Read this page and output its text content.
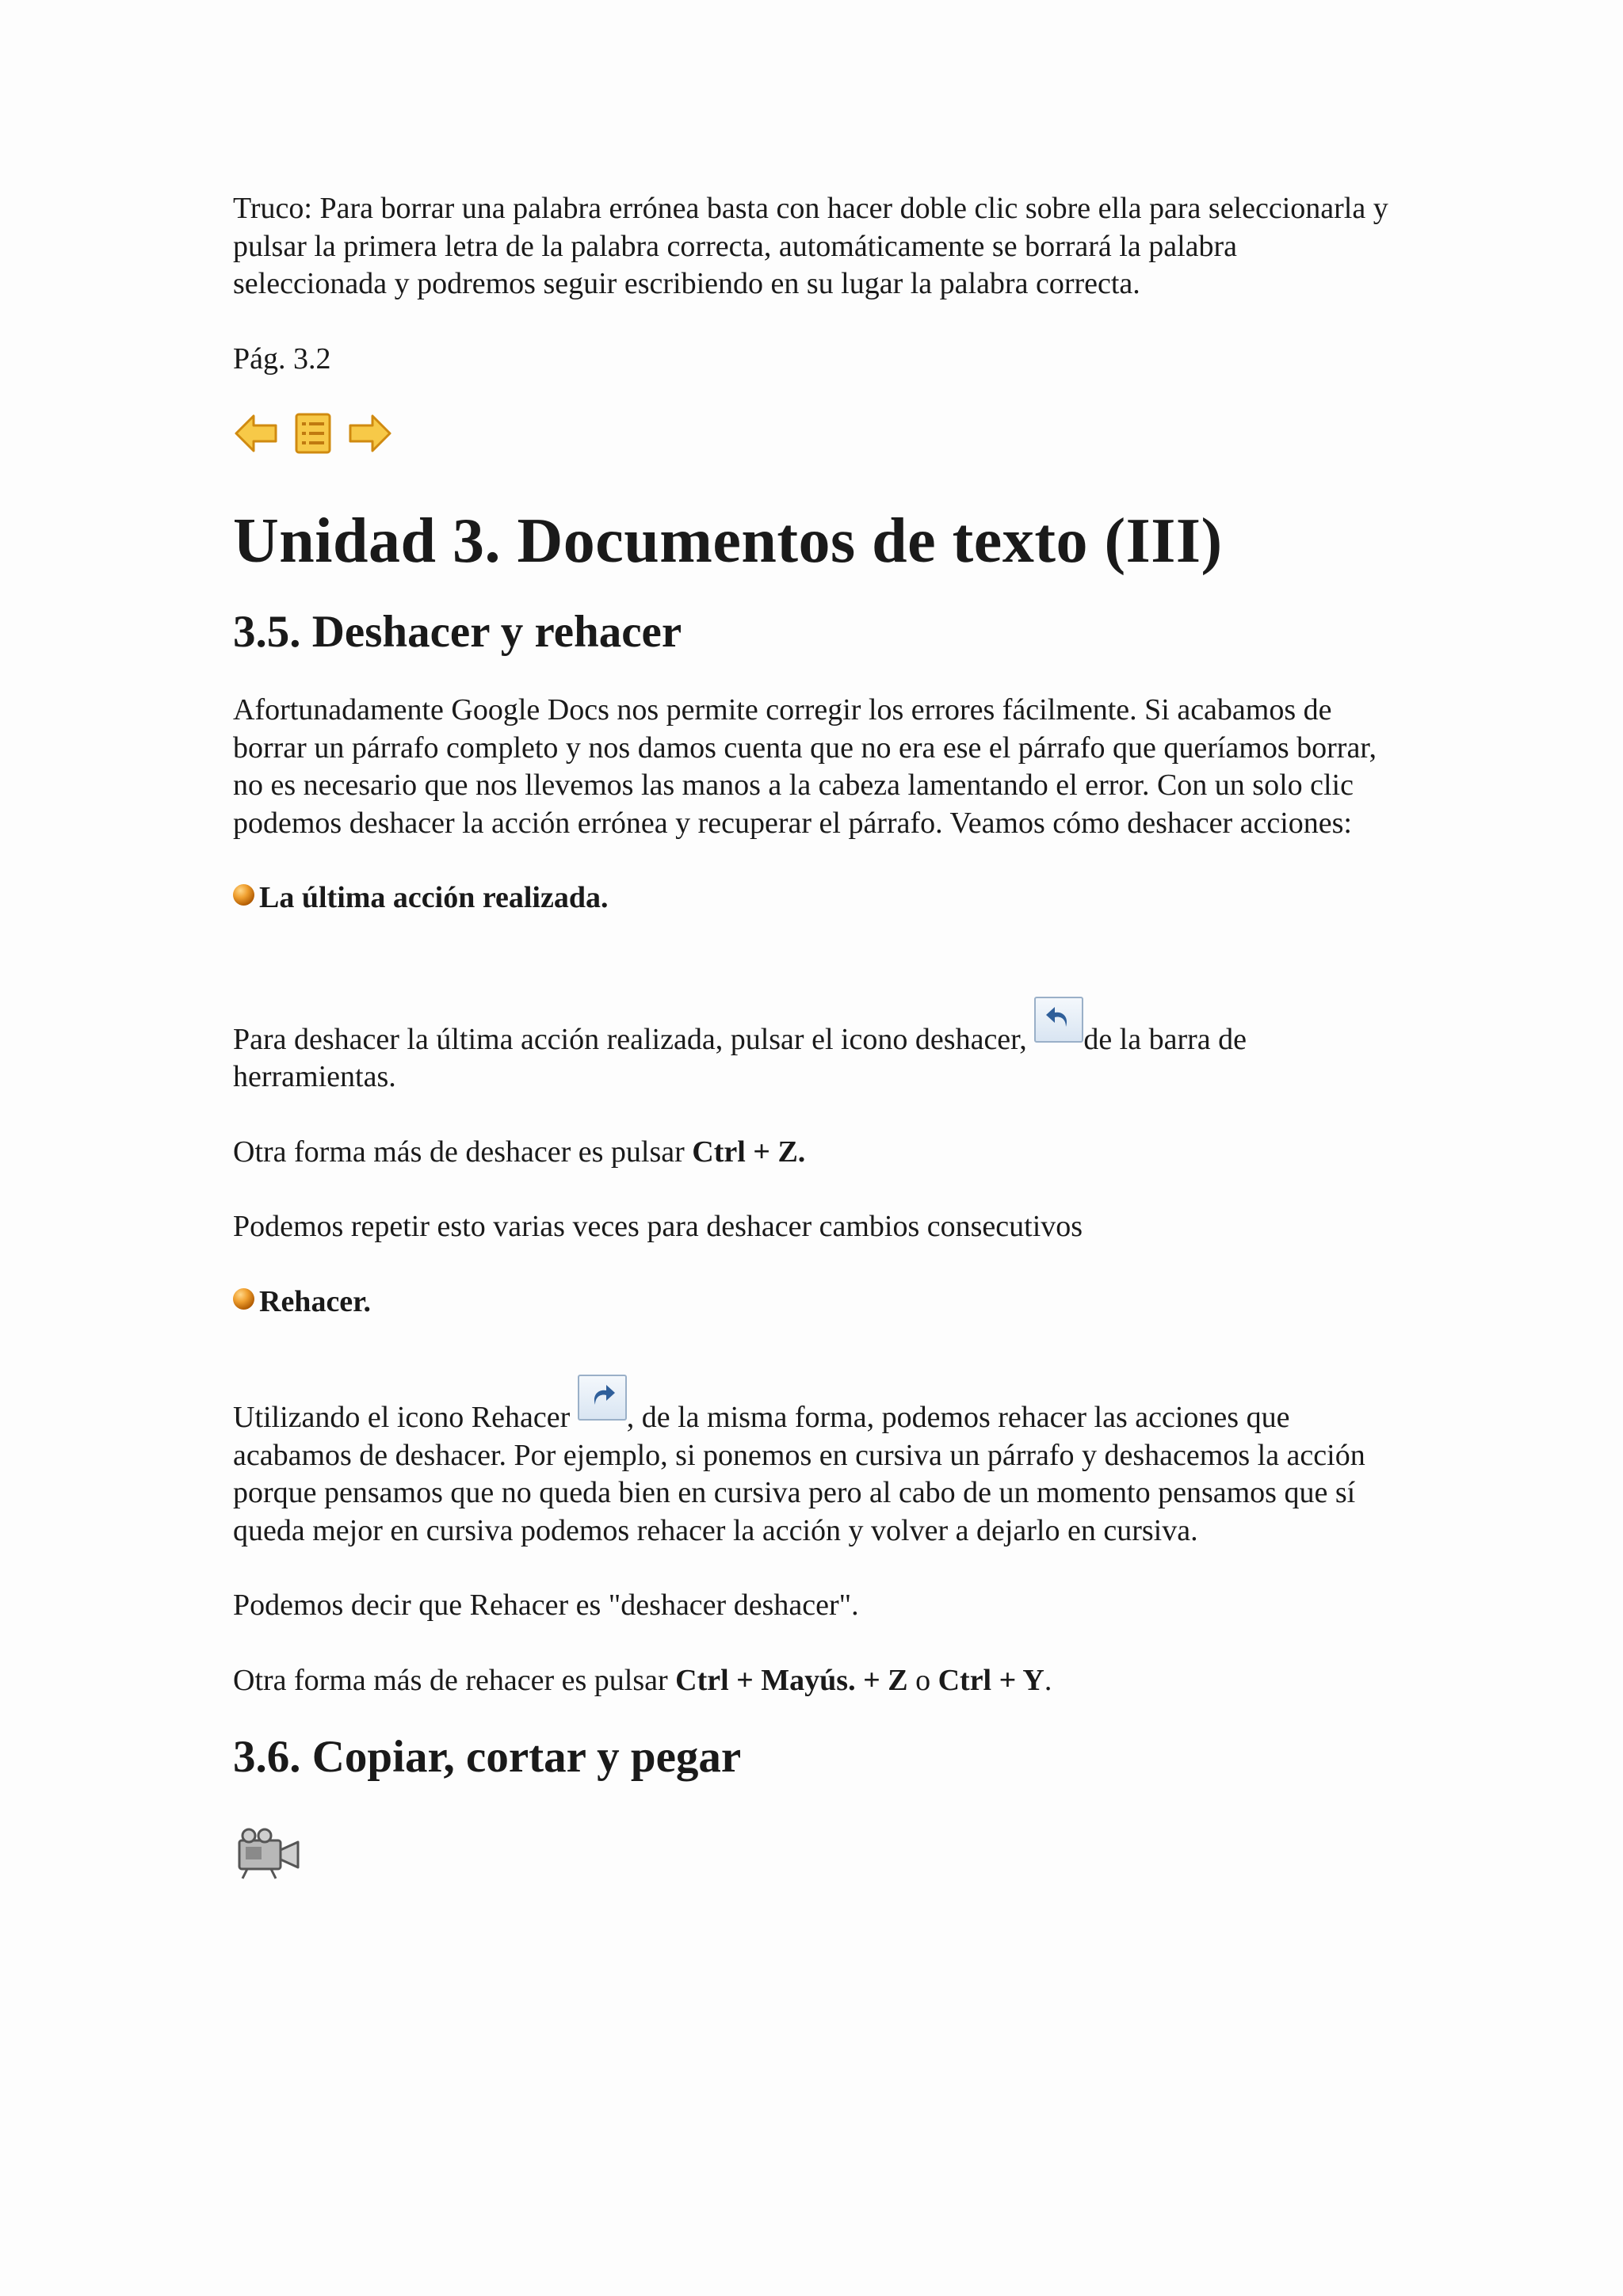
Truco: Para borrar una palabra errónea basta con hacer doble clic sobre ella para seleccionarla y pulsar la primera letra de la palabra correcta, automáticamente se borrará la palabra seleccionada y podremos seguir escribiendo en su lugar la palabra correcta.

Pág. 3.2

Unidad 3. Documentos de texto (III)
3.5. Deshacer y rehacer

Afortunadamente Google Docs nos permite corregir los errores fácilmente. Si acabamos de borrar un párrafo completo y nos damos cuenta que no era ese el párrafo que queríamos borrar, no es necesario que nos llevemos las manos a la cabeza lamentando el error. Con un solo clic podemos deshacer la acción errónea y recuperar el párrafo. Veamos cómo deshacer acciones:

La última acción realizada.

Para deshacer la última acción realizada, pulsar el icono deshacer,
de la barra de herramientas.

Otra forma más de deshacer es pulsar Ctrl + Z.

Podemos repetir esto varias veces para deshacer cambios consecutivos

Rehacer.

Utilizando el icono Rehacer
, de la misma forma, podemos rehacer las acciones que acabamos de deshacer. Por ejemplo, si ponemos en cursiva un párrafo y deshacemos la acción porque pensamos que no queda bien en cursiva pero al cabo de un momento pensamos que sí queda mejor en cursiva podemos rehacer la acción y volver a dejarlo en cursiva.

Podemos decir que Rehacer es "deshacer deshacer".

Otra forma más de rehacer es pulsar Ctrl + Mayús. + Z o Ctrl + Y.

3.6. Copiar, cortar y pegar
